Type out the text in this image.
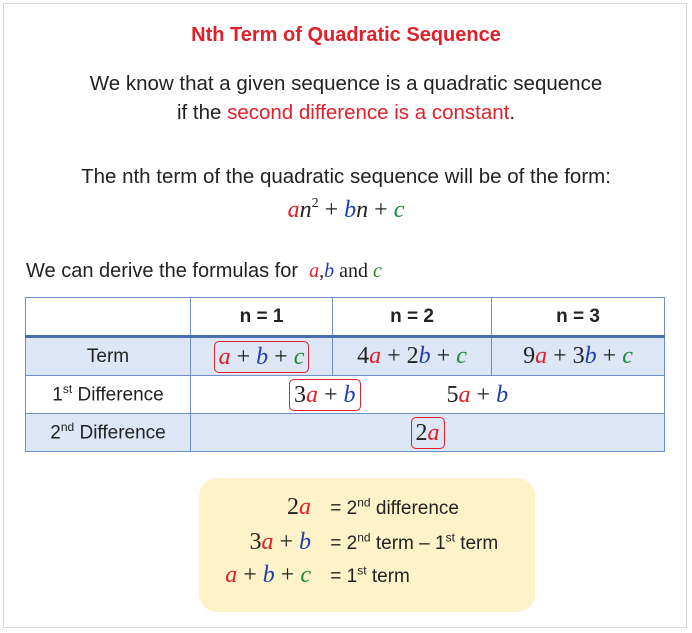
Nth Term of Quadratic Sequence
We know that a given sequence is a quadratic sequence
if the second difference is a constant.
The nth term of the quadratic sequence will be of the form:
$an^2$ + bn + c
We can derive the formulas for a,b and c
	n = 1	n = 2	n = 3
Term	a + b + c	4a + 2b + c	9a + 3b + c
1st Difference	3a + b 5a + b		
2nd Difference	2a		
2a = 2nd difference
3a + b = 2nd term – 1st term
a + b + c = 1st term
